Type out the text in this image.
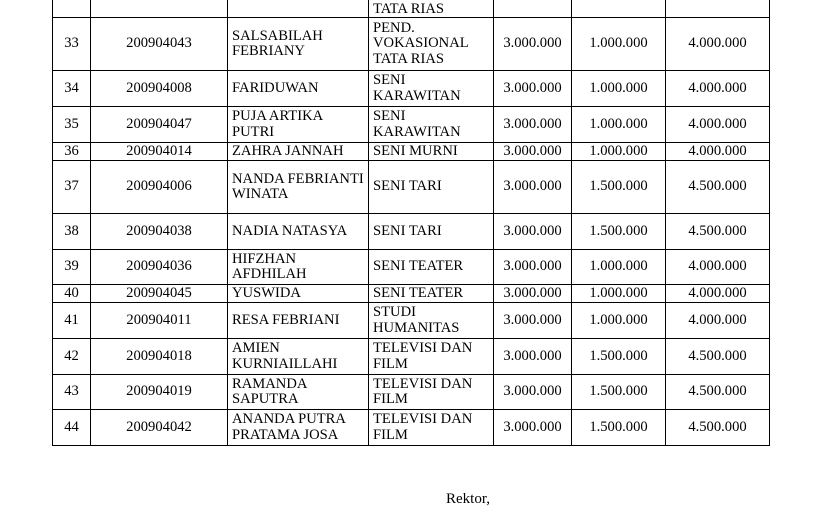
			TATA RIAS			
33	200904043	SALSABILAH FEBRIANY	PEND. VOKASIONAL TATA RIAS	3.000.000	1.000.000	4.000.000
34	200904008	FARIDUWAN	SENI KARAWITAN	3.000.000	1.000.000	4.000.000
35	200904047	PUJA ARTIKA PUTRI	SENI KARAWITAN	3.000.000	1.000.000	4.000.000
36	200904014	ZAHRA JANNAH	SENI MURNI	3.000.000	1.000.000	4.000.000
37	200904006	NANDA FEBRIANTI WINATA	SENI TARI	3.000.000	1.500.000	4.500.000
38	200904038	NADIA NATASYA	SENI TARI	3.000.000	1.500.000	4.500.000
39	200904036	HIFZHAN AFDHILAH	SENI TEATER	3.000.000	1.000.000	4.000.000
40	200904045	YUSWIDA	SENI TEATER	3.000.000	1.000.000	4.000.000
41	200904011	RESA FEBRIANI	STUDI HUMANITAS	3.000.000	1.000.000	4.000.000
42	200904018	AMIEN KURNIAILLAHI	TELEVISI DAN FILM	3.000.000	1.500.000	4.500.000
43	200904019	RAMANDA SAPUTRA	TELEVISI DAN FILM	3.000.000	1.500.000	4.500.000
44	200904042	ANANDA PUTRA PRATAMA JOSA	TELEVISI DAN FILM	3.000.000	1.500.000	4.500.000
Rektor,
